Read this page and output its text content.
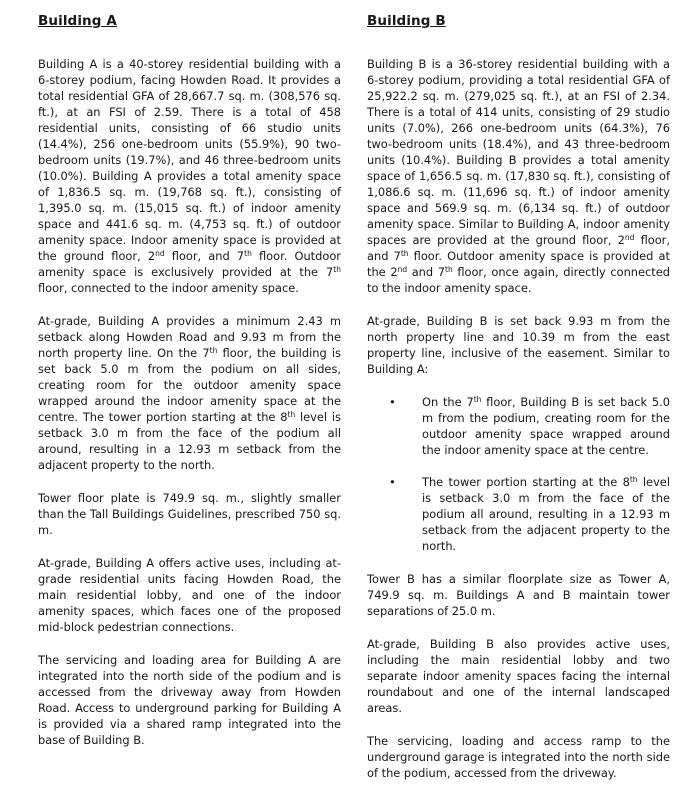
Building A

Building A is a 40-storey residential building with a 6-storey podium, facing Howden Road. It provides a total residential GFA of 28,667.7 sq. m. (308,576 sq. ft.), at an FSI of 2.59. There is a total of 458 residential units, consisting of 66 studio units (14.4%), 256 one-bedroom units (55.9%), 90 two-bedroom units (19.7%), and 46 three-bedroom units (10.0%). Building A provides a total amenity space of 1,836.5 sq. m. (19,768 sq. ft.), consisting of 1,395.0 sq. m. (15,015 sq. ft.) of indoor amenity space and 441.6 sq. m. (4,753 sq. ft.) of outdoor amenity space. Indoor amenity space is provided at the ground floor, 2nd floor, and 7th floor. Outdoor amenity space is exclusively provided at the 7th floor, connected to the indoor amenity space.

At-grade, Building A provides a minimum 2.43 m setback along Howden Road and 9.93 m from the north property line. On the 7th floor, the building is set back 5.0 m from the podium on all sides, creating room for the outdoor amenity space wrapped around the indoor amenity space at the centre. The tower portion starting at the 8th level is setback 3.0 m from the face of the podium all around, resulting in a 12.93 m setback from the adjacent property to the north.

Tower floor plate is 749.9 sq. m., slightly smaller than the Tall Buildings Guidelines, prescribed 750 sq. m.

At-grade, Building A offers active uses, including at-grade residential units facing Howden Road, the main residential lobby, and one of the indoor amenity spaces, which faces one of the proposed mid-block pedestrian connections.

The servicing and loading area for Building A are integrated into the north side of the podium and is accessed from the driveway away from Howden Road. Access to underground parking for Building A is provided via a shared ramp integrated into the base of Building B.

Building B

Building B is a 36-storey residential building with a 6-storey podium, providing a total residential GFA of 25,922.2 sq. m. (279,025 sq. ft.), at an FSI of 2.34. There is a total of 414 units, consisting of 29 studio units (7.0%), 266 one-bedroom units (64.3%), 76 two-bedroom units (18.4%), and 43 three-bedroom units (10.4%). Building B provides a total amenity space of 1,656.5 sq. m. (17,830 sq. ft.), consisting of 1,086.6 sq. m. (11,696 sq. ft.) of indoor amenity space and 569.9 sq. m. (6,134 sq. ft.) of outdoor amenity space. Similar to Building A, indoor amenity spaces are provided at the ground floor, 2nd floor, and 7th floor. Outdoor amenity space is provided at the 2nd and 7th floor, once again, directly connected to the indoor amenity space.

At-grade, Building B is set back 9.93 m from the north property line and 10.39 m from the east property line, inclusive of the easement. Similar to Building A:

•	On the 7th floor, Building B is set back 5.0 m from the podium, creating room for the outdoor amenity space wrapped around the indoor amenity space at the centre.
•	The tower portion starting at the 8th level is setback 3.0 m from the face of the podium all around, resulting in a 12.93 m setback from the adjacent property to the north.

Tower B has a similar floorplate size as Tower A, 749.9 sq. m. Buildings A and B maintain tower separations of 25.0 m.

At-grade, Building B also provides active uses, including the main residential lobby and two separate indoor amenity spaces facing the internal roundabout and one of the internal landscaped areas.

The servicing, loading and access ramp to the underground garage is integrated into the north side of the podium, accessed from the driveway.
